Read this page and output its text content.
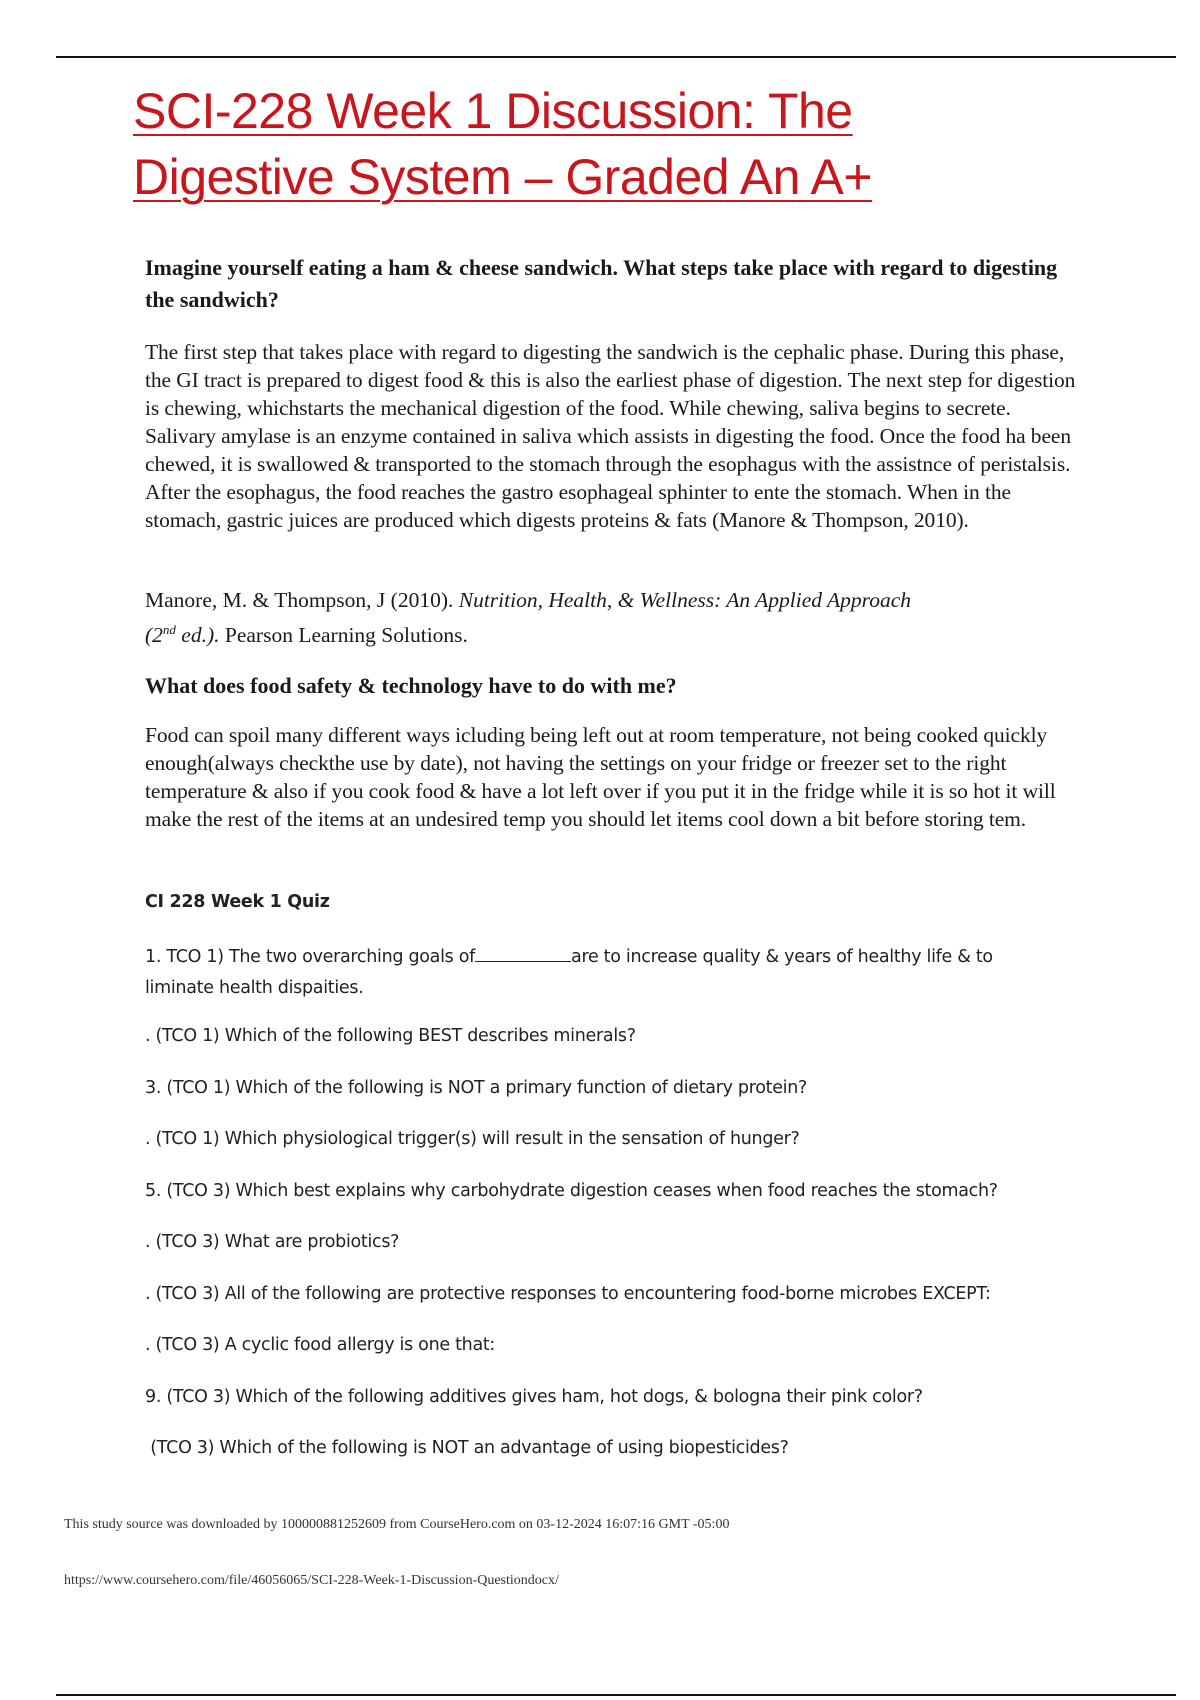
SCI-228 Week 1 Discussion: The
Digestive System – Graded An A+
Imagine yourself eating a ham & cheese sandwich. What steps take place with regard to digesting the sandwich?
The first step that takes place with regard to digesting the sandwich is the cephalic phase. During this phase, the GI tract is prepared to digest food & this is also the earliest phase of digestion. The next step for digestion is chewing, whichstarts the mechanical digestion of the food. While chewing, saliva begins to secrete. Salivary amylase is an enzyme contained in saliva which assists in digesting the food. Once the food ha been chewed, it is swallowed & transported to the stomach through the esophagus with the assistnce of peristalsis. After the esophagus, the food reaches the gastro esophageal sphinter to ente the stomach. When in the stomach, gastric juices are produced which digests proteins & fats (Manore & Thompson, 2010).
Manore, M. & Thompson, J (2010). Nutrition, Health, & Wellness: An Applied Approach
(2nd ed.). Pearson Learning Solutions.
What does food safety & technology have to do with me?
Food can spoil many different ways icluding being left out at room temperature, not being cooked quickly enough(always checkthe use by date), not having the settings on your fridge or freezer set to the right temperature & also if you cook food & have a lot left over if you put it in the fridge while it is so hot it will make the rest of the items at an undesired temp you should let items cool down a bit before storing tem.
CI 228 Week 1 Quiz
1. TCO 1) The two overarching goals of	are to increase quality & years of healthy life & to
liminate health dispaities.
. (TCO 1) Which of the following BEST describes minerals?
3. (TCO 1) Which of the following is NOT a primary function of dietary protein?
. (TCO 1) Which physiological trigger(s) will result in the sensation of hunger?
5. (TCO 3) Which best explains why carbohydrate digestion ceases when food reaches the stomach?
. (TCO 3) What are probiotics?
. (TCO 3) All of the following are protective responses to encountering food-borne microbes EXCEPT:
. (TCO 3) A cyclic food allergy is one that:
9. (TCO 3) Which of the following additives gives ham, hot dogs, & bologna their pink color?
(TCO 3) Which of the following is NOT an advantage of using biopesticides?
This study source was downloaded by 100000881252609 from CourseHero.com on 03-12-2024 16:07:16 GMT -05:00
https://www.coursehero.com/file/46056065/SCI-228-Week-1-Discussion-Questiondocx/
